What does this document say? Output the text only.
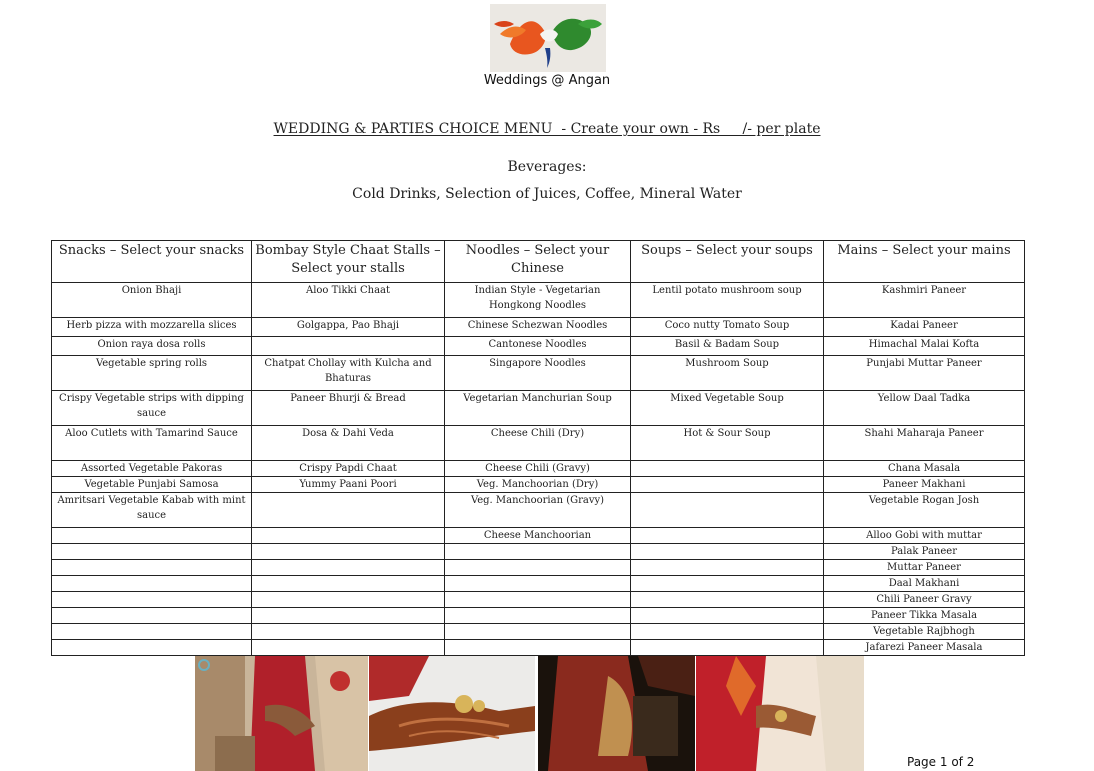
Weddings @ Angan
WEDDING & PARTIES CHOICE MENU  - Create your own - Rs     /- per plate
Beverages:
Cold Drinks, Selection of Juices, Coffee, Mineral Water
Snacks – Select your snacks	Bombay Style Chaat Stalls – Select your stalls	Noodles – Select your Chinese	Soups – Select your soups	Mains – Select your mains
Onion Bhaji	Aloo Tikki Chaat	Indian Style - Vegetarian Hongkong Noodles	Lentil potato mushroom soup	Kashmiri Paneer
Herb pizza with mozzarella slices	Golgappa, Pao Bhaji	Chinese Schezwan Noodles	Coco nutty Tomato Soup	Kadai Paneer
Onion raya dosa rolls		Cantonese Noodles	Basil & Badam Soup	Himachal Malai Kofta
Vegetable spring rolls	Chatpat Chollay with Kulcha and Bhaturas	Singapore Noodles	Mushroom Soup	Punjabi Muttar Paneer
Crispy Vegetable strips with dipping sauce	Paneer Bhurji & Bread	Vegetarian Manchurian Soup	Mixed Vegetable Soup	Yellow Daal Tadka
Aloo Cutlets with Tamarind Sauce	Dosa & Dahi Veda	Cheese Chili (Dry)	Hot & Sour Soup	Shahi Maharaja Paneer
Assorted Vegetable Pakoras	Crispy Papdi Chaat	Cheese Chili (Gravy)		Chana Masala
Vegetable Punjabi Samosa	Yummy Paani Poori	Veg. Manchoorian (Dry)		Paneer Makhani
Amritsari Vegetable Kabab with mint sauce		Veg. Manchoorian (Gravy)		Vegetable Rogan Josh
		Cheese Manchoorian		Alloo Gobi with muttar
				Palak Paneer
				Muttar Paneer
				Daal Makhani
				Chili Paneer Gravy
				Paneer Tikka Masala
				Vegetable Rajbhogh
				Jafarezi Paneer Masala
Page 1 of 2
